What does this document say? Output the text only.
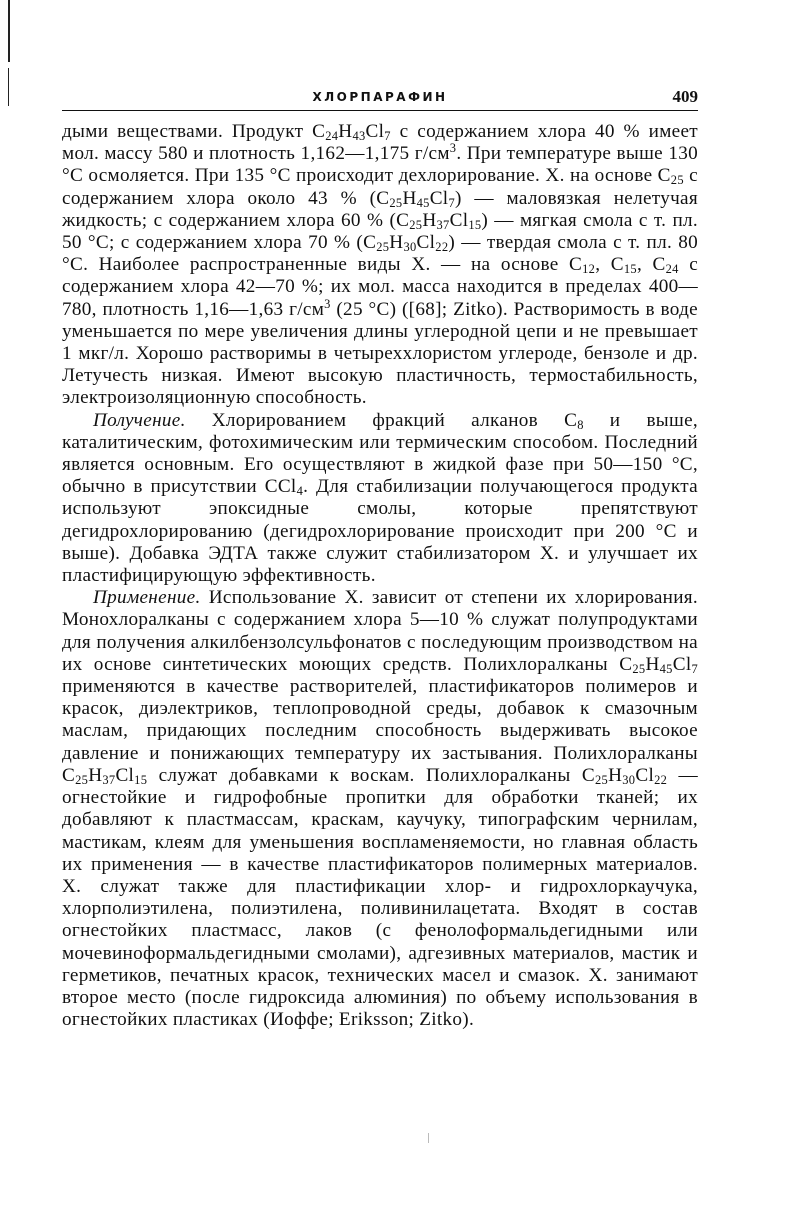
ХЛОРПАРАФИН	409

дыми веществами. Продукт $C_{24}H_{43}Cl_7$ с содержанием хлора 40 % имеет мол. массу 580 и плотность 1,162—1,175 $г/см^3$. При температуре выше 130 °С осмоляется. При 135 °С происходит дехлорирование. Х. на основе $C_{25}$ с содержанием хлора около 43 % $(C_{25}H_{45}Cl_7)$ — маловязкая нелетучая жидкость; с содержанием хлора 60 % $(C_{25}H_{37}Cl_{15})$ — мягкая смола с т. пл. 50 °С; с содержанием хлора 70 % $(C_{25}H_{30}Cl_{22})$ — твердая смола с т. пл. 80 °С. Наиболее распространенные виды Х. — на основе $C_{12}$, $C_{15}$, $C_{24}$ с содержанием хлора 42—70 %; их мол. масса находится в пределах 400—780, плотность 1,16—1,63 $г/см^3$ (25 °С) ([68]; Zitko). Растворимость в воде уменьшается по мере увеличения длины углеродной цепи и не превышает 1 мкг/л. Хорошо растворимы в четыреххлористом углероде, бензоле и др. Летучесть низкая. Имеют высокую пластичность, термостабильность, электроизоляционную способность.

Получение. Хлорированием фракций алканов $C_8$ и выше, каталитическим, фотохимическим или термическим способом. Последний является основным. Его осуществляют в жидкой фазе при 50—150 °С, обычно в присутствии CCl$_4$. Для стабилизации получающегося продукта используют эпоксидные смолы, которые препятствуют дегидрохлорированию (дегидрохлорирование происходит при 200 °С и выше). Добавка ЭДТА также служит стабилизатором Х. и улучшает их пластифицирующую эффективность.

Применение. Использование Х. зависит от степени их хлорирования. Монохлоралканы с содержанием хлора 5—10 % служат полупродуктами для получения алкилбензолсульфонатов с последующим производством на их основе синтетических моющих средств. Полихлоралканы $C_{25}H_{45}Cl_7$ применяются в качестве растворителей, пластификаторов полимеров и красок, диэлектриков, теплопроводной среды, добавок к смазочным маслам, придающих последним способность выдерживать высокое давление и понижающих температуру их застывания. Полихлоралканы $C_{25}H_{37}Cl_{15}$ служат добавками к воскам. Полихлоралканы $C_{25}H_{30}Cl_{22}$ — огнестойкие и гидрофобные пропитки для обработки тканей; их добавляют к пластмассам, краскам, каучуку, типографским чернилам, мастикам, клеям для уменьшения воспламеняемости, но главная область их применения — в качестве пластификаторов полимерных материалов. Х. служат также для пластификации хлор- и гидрохлоркаучука, хлорполиэтилена, полиэтилена, поливинилацетата. Входят в состав огнестойких пластмасс, лаков (с фенолоформальдегидными или мочевиноформальдегидными смолами), адгезивных материалов, мастик и герметиков, печатных красок, технических масел и смазок. Х. занимают второе место (после гидроксида алюминия) по объему использования в огнестойких пластиках (Иоффе; Eriksson; Zitko).
